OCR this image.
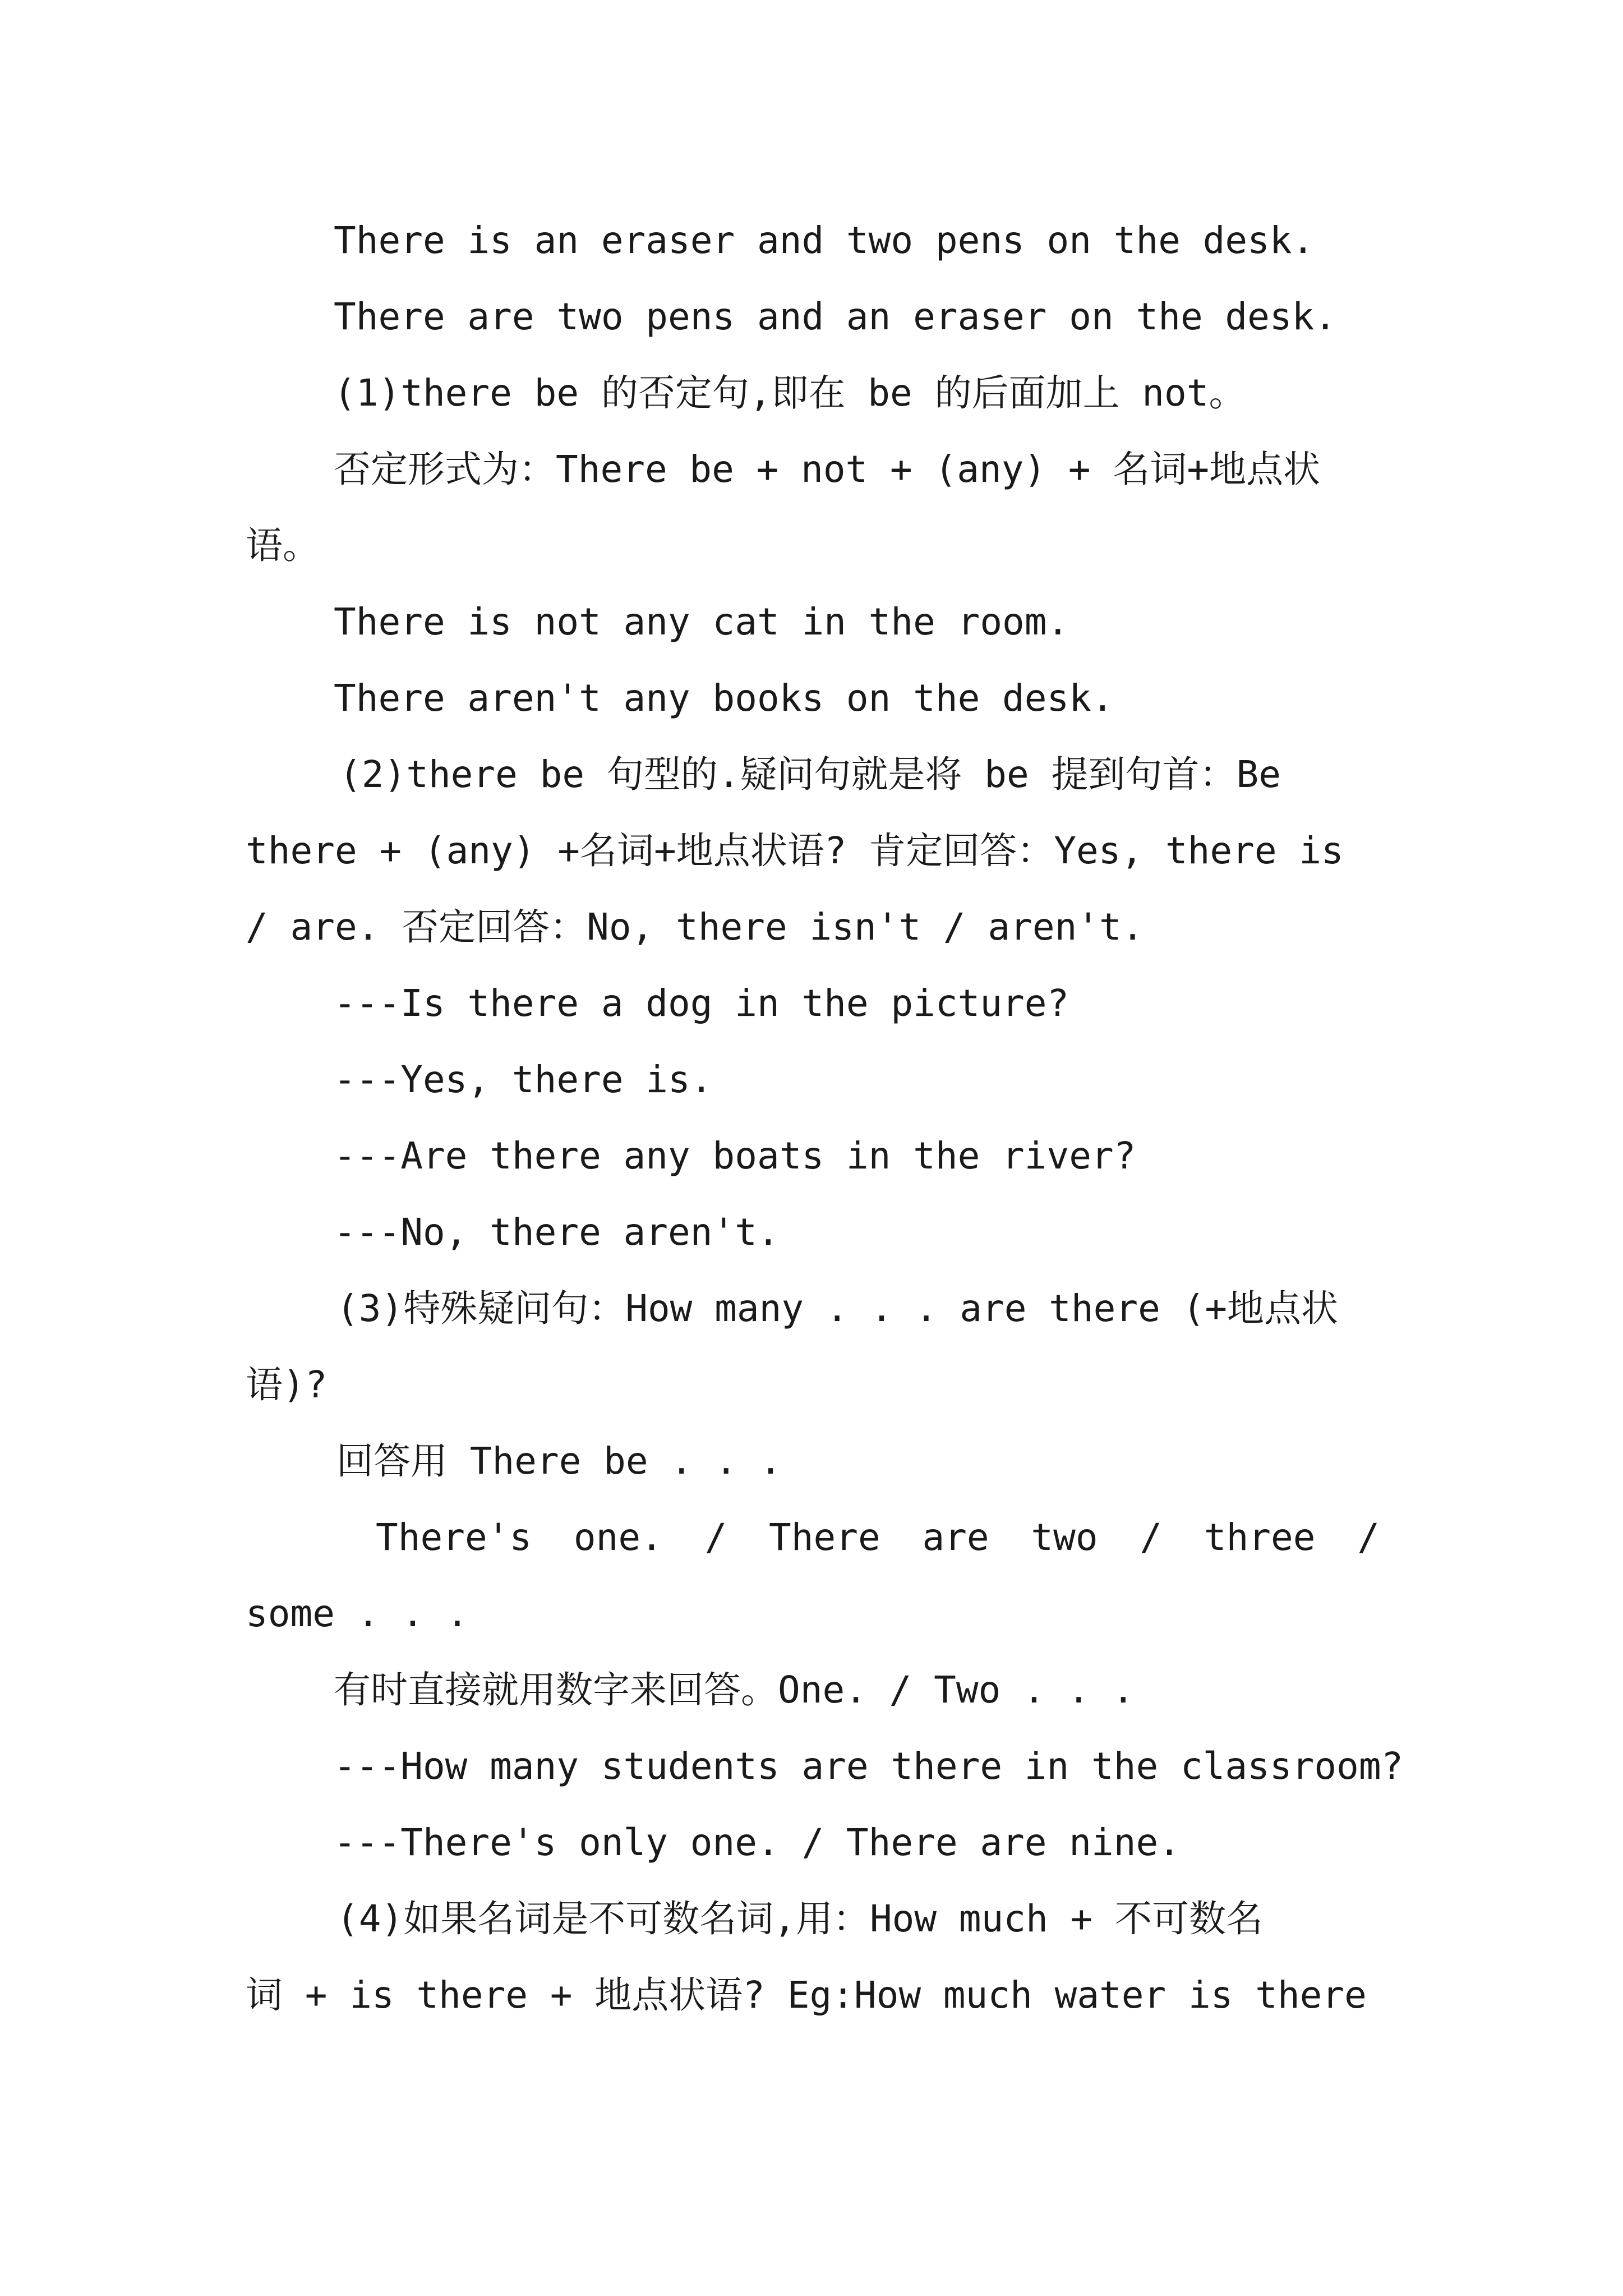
There is an eraser and two pens on the desk.
There are two pens and an eraser on the desk.
(1)there be 的否定句,即在 be 的后面加上 not。
否定形式为：There be + not + (any) + 名词+地点状
语。
There is not any cat in the room.
There aren't any books on the desk.
(2)there be 句型的.疑问句就是将 be 提到句首：Be
there + (any) +名词+地点状语? 肯定回答：Yes, there is
/ are. 否定回答：No, there isn't / aren't.
---Is there a dog in the picture?
---Yes, there is.
---Are there any boats in the river?
---No, there aren't.
(3)特殊疑问句：How many . . . are there (+地点状
语)?
回答用 There be . . .
There's one. / There are two / three /
some . . .
有时直接就用数字来回答。One. / Two . . .
---How many students are there in the classroom?
---There's only one. / There are nine.
(4)如果名词是不可数名词,用：How much + 不可数名
词 + is there + 地点状语? Eg:How much water is there
